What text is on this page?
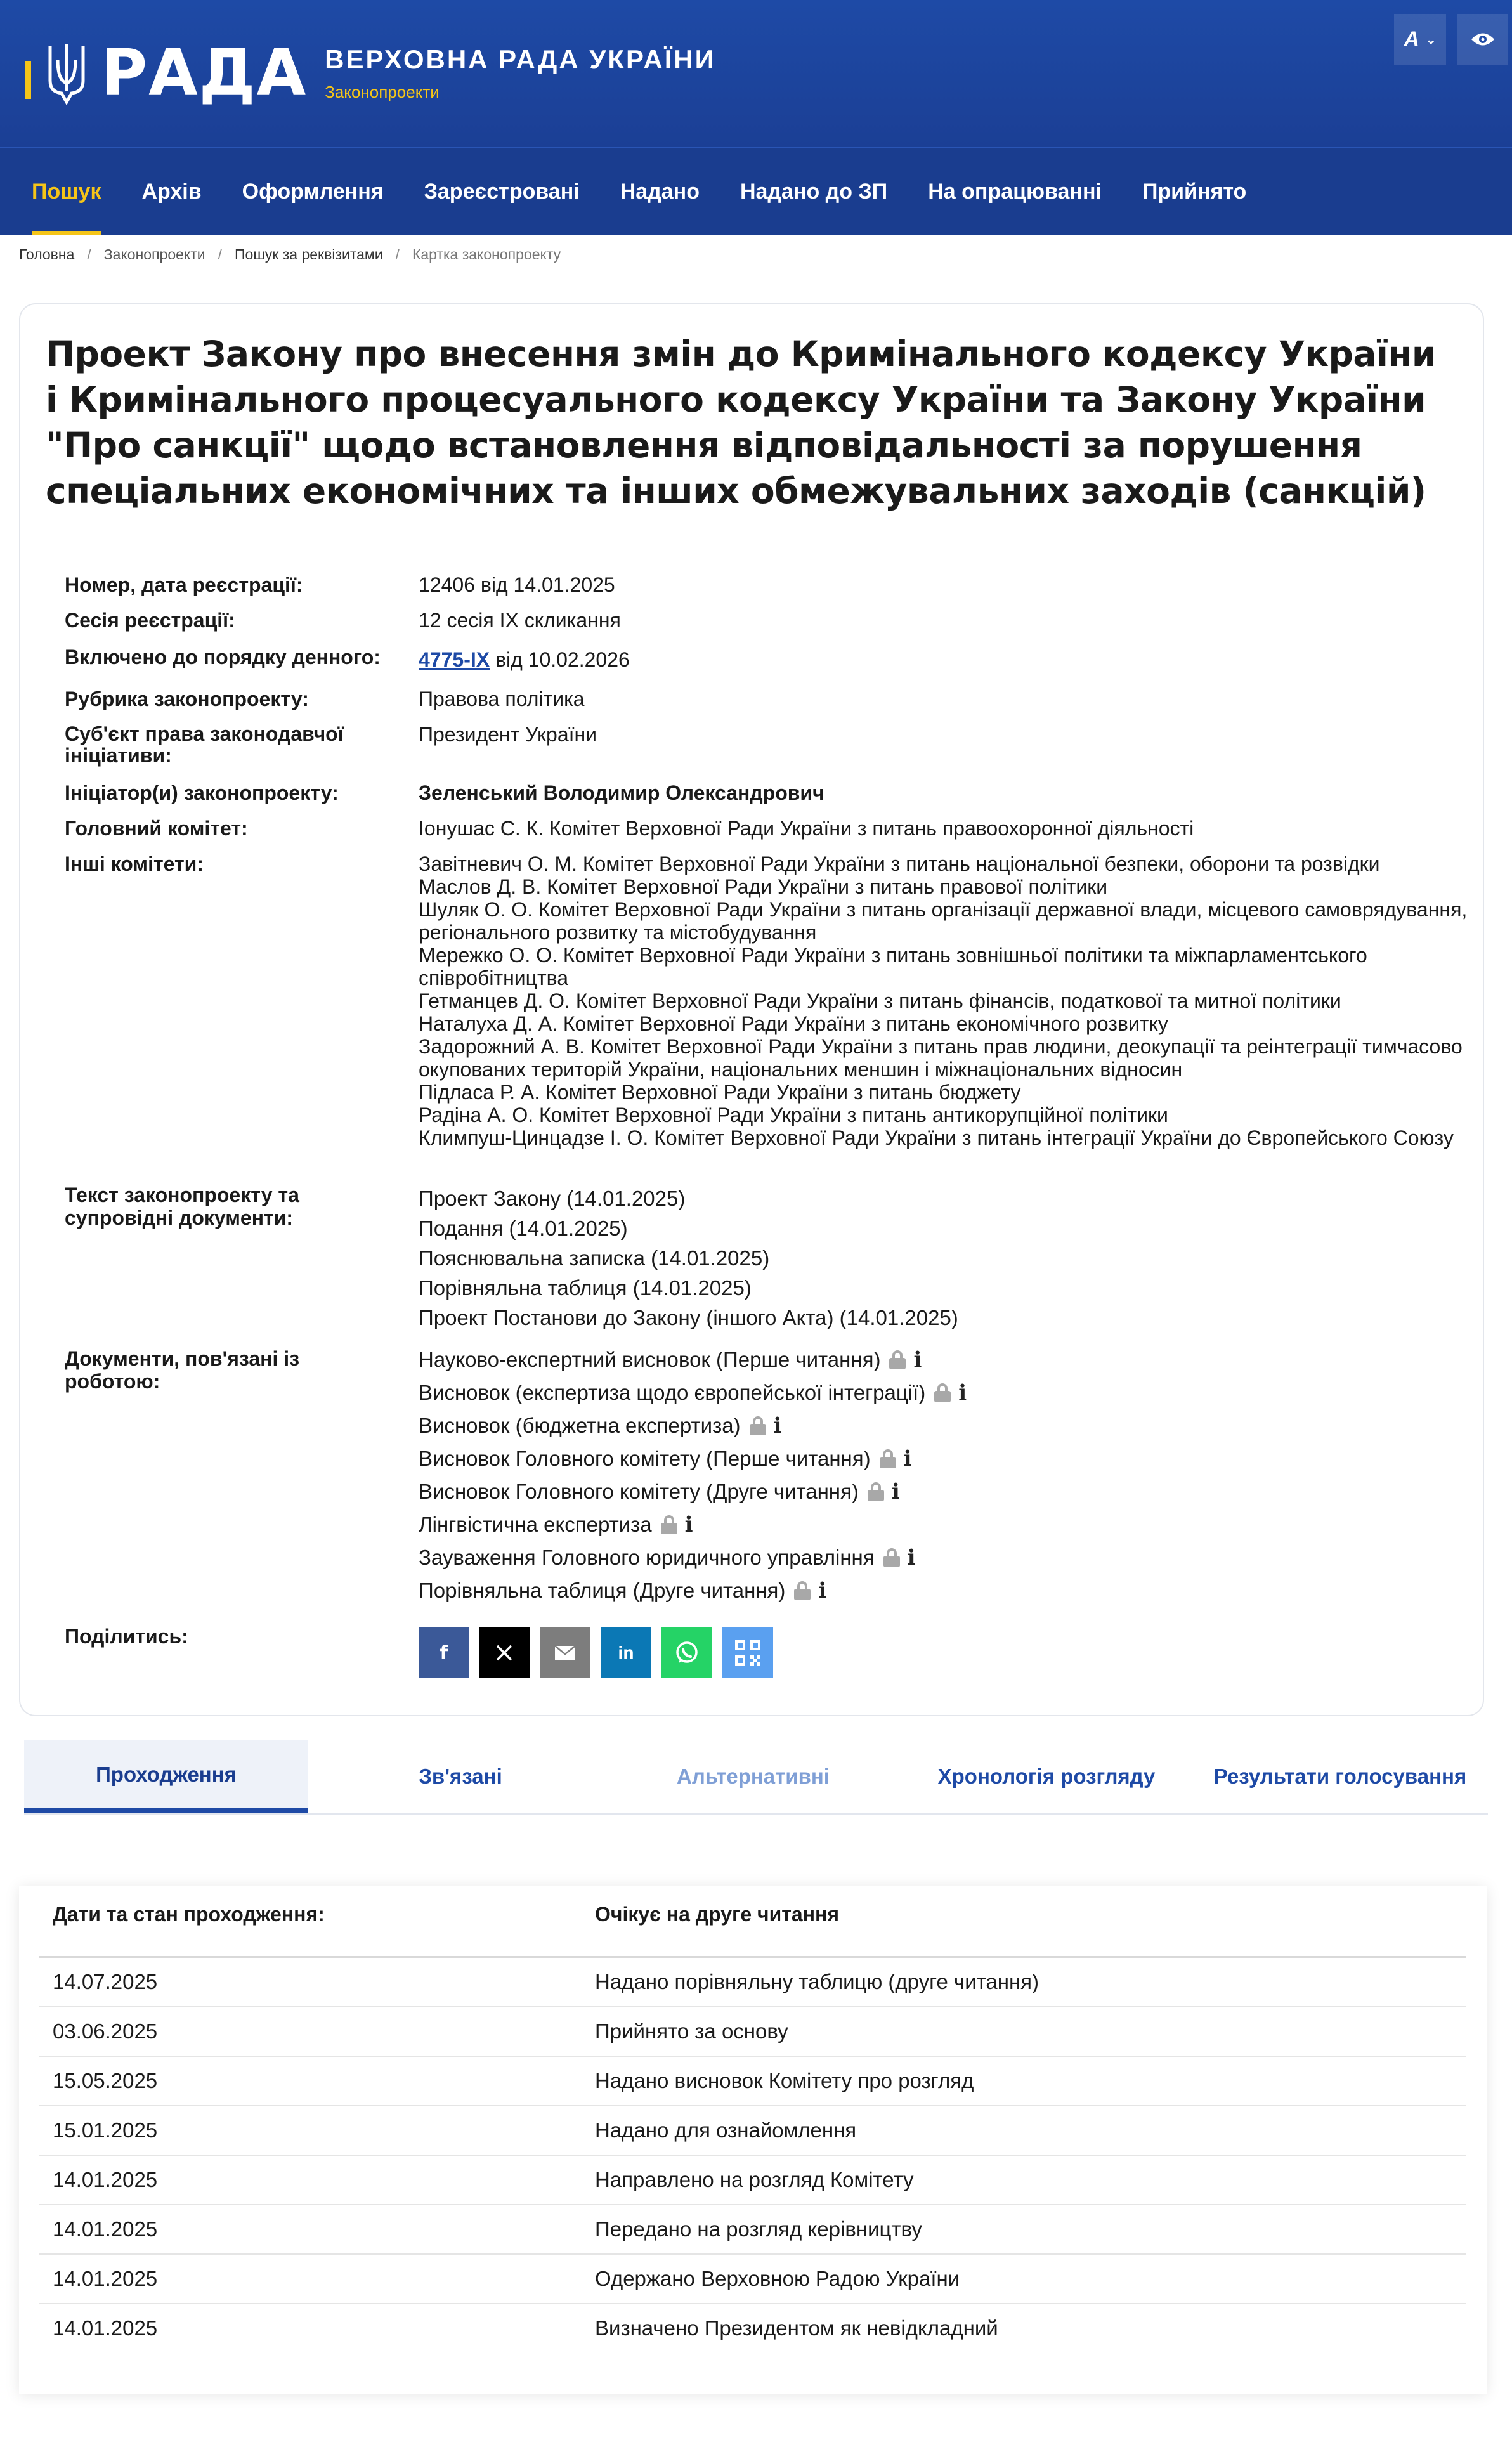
РАДА ВЕРХОВНА РАДА УКРАЇНИ
Законопроекти
A ⌄
Пошук	Архів	Оформлення	Зареєстровані	Надано	Надано до ЗП	На опрацюванні	Прийнято
Головна / Законопроекти / Пошук за реквізитами / Картка законопроекту
Проект Закону про внесення змін до Кримінального кодексу України і Кримінального процесуального кодексу України та Закону України "Про санкції" щодо встановлення відповідальності за порушення спеціальних економічних та інших обмежувальних заходів (санкцій)
Номер, дата реєстрації:	12406 від 14.01.2025
Сесія реєстрації:	12 сесія IX скликання
Включено до порядку денного:	4775-IX від 10.02.2026
Рубрика законопроекту:	Правова політика
Суб'єкт права законодавчої ініціативи:
Президент України
Ініціатор(и) законопроекту:	Зеленський Володимир Олександрович
Головний комітет:	Іонушас С. К. Комітет Верховної Ради України з питань правоохоронної діяльності
Інші комітети:	Завітневич О. М. Комітет Верховної Ради України з питань національної безпеки, оборони та розвідки
Маслов Д. В. Комітет Верховної Ради України з питань правової політики
Шуляк О. О. Комітет Верховної Ради України з питань організації державної влади, місцевого самоврядування, регіонального розвитку та містобудування
Мережко О. О. Комітет Верховної Ради України з питань зовнішньої політики та міжпарламентського співробітництва
Гетманцев Д. О. Комітет Верховної Ради України з питань фінансів, податкової та митної політики
Наталуха Д. А. Комітет Верховної Ради України з питань економічного розвитку
Задорожний А. В. Комітет Верховної Ради України з питань прав людини, деокупації та реінтеграції тимчасово окупованих територій України, національних меншин і міжнаціональних відносин
Підласа Р. А. Комітет Верховної Ради України з питань бюджету
Радіна А. О. Комітет Верховної Ради України з питань антикорупційної політики
Климпуш-Цинцадзе І. О. Комітет Верховної Ради України з питань інтеграції України до Європейського Союзу
Текст законопроекту та супровідні документи:
Проект Закону (14.01.2025)
Подання (14.01.2025)
Пояснювальна записка (14.01.2025)
Порівняльна таблиця (14.01.2025)
Проект Постанови до Закону (іншого Акта) (14.01.2025)
Документи, пов'язані із роботою:
Науково-експертний висновок (Перше читання) i
Висновок (експертиза щодо європейської інтеграції) i
Висновок (бюджетна експертиза) i
Висновок Головного комітету (Перше читання) i
Висновок Головного комітету (Друге читання) i
Лінгвістична експертиза i
Зауваження Головного юридичного управління i
Порівняльна таблиця (Друге читання) i
Поділитись:
f	in
Проходження	Зв'язані	Альтернативні	Хронологія розгляду	Результати голосування
Дати та стан проходження:	Очікує на друге читання
14.07.2025	Надано порівняльну таблицю (друге читання)
03.06.2025	Прийнято за основу
15.05.2025	Надано висновок Комітету про розгляд
15.01.2025	Надано для ознайомлення
14.01.2025	Направлено на розгляд Комітету
14.01.2025	Передано на розгляд керівництву
14.01.2025	Одержано Верховною Радою України
14.01.2025	Визначено Президентом як невідкладний
